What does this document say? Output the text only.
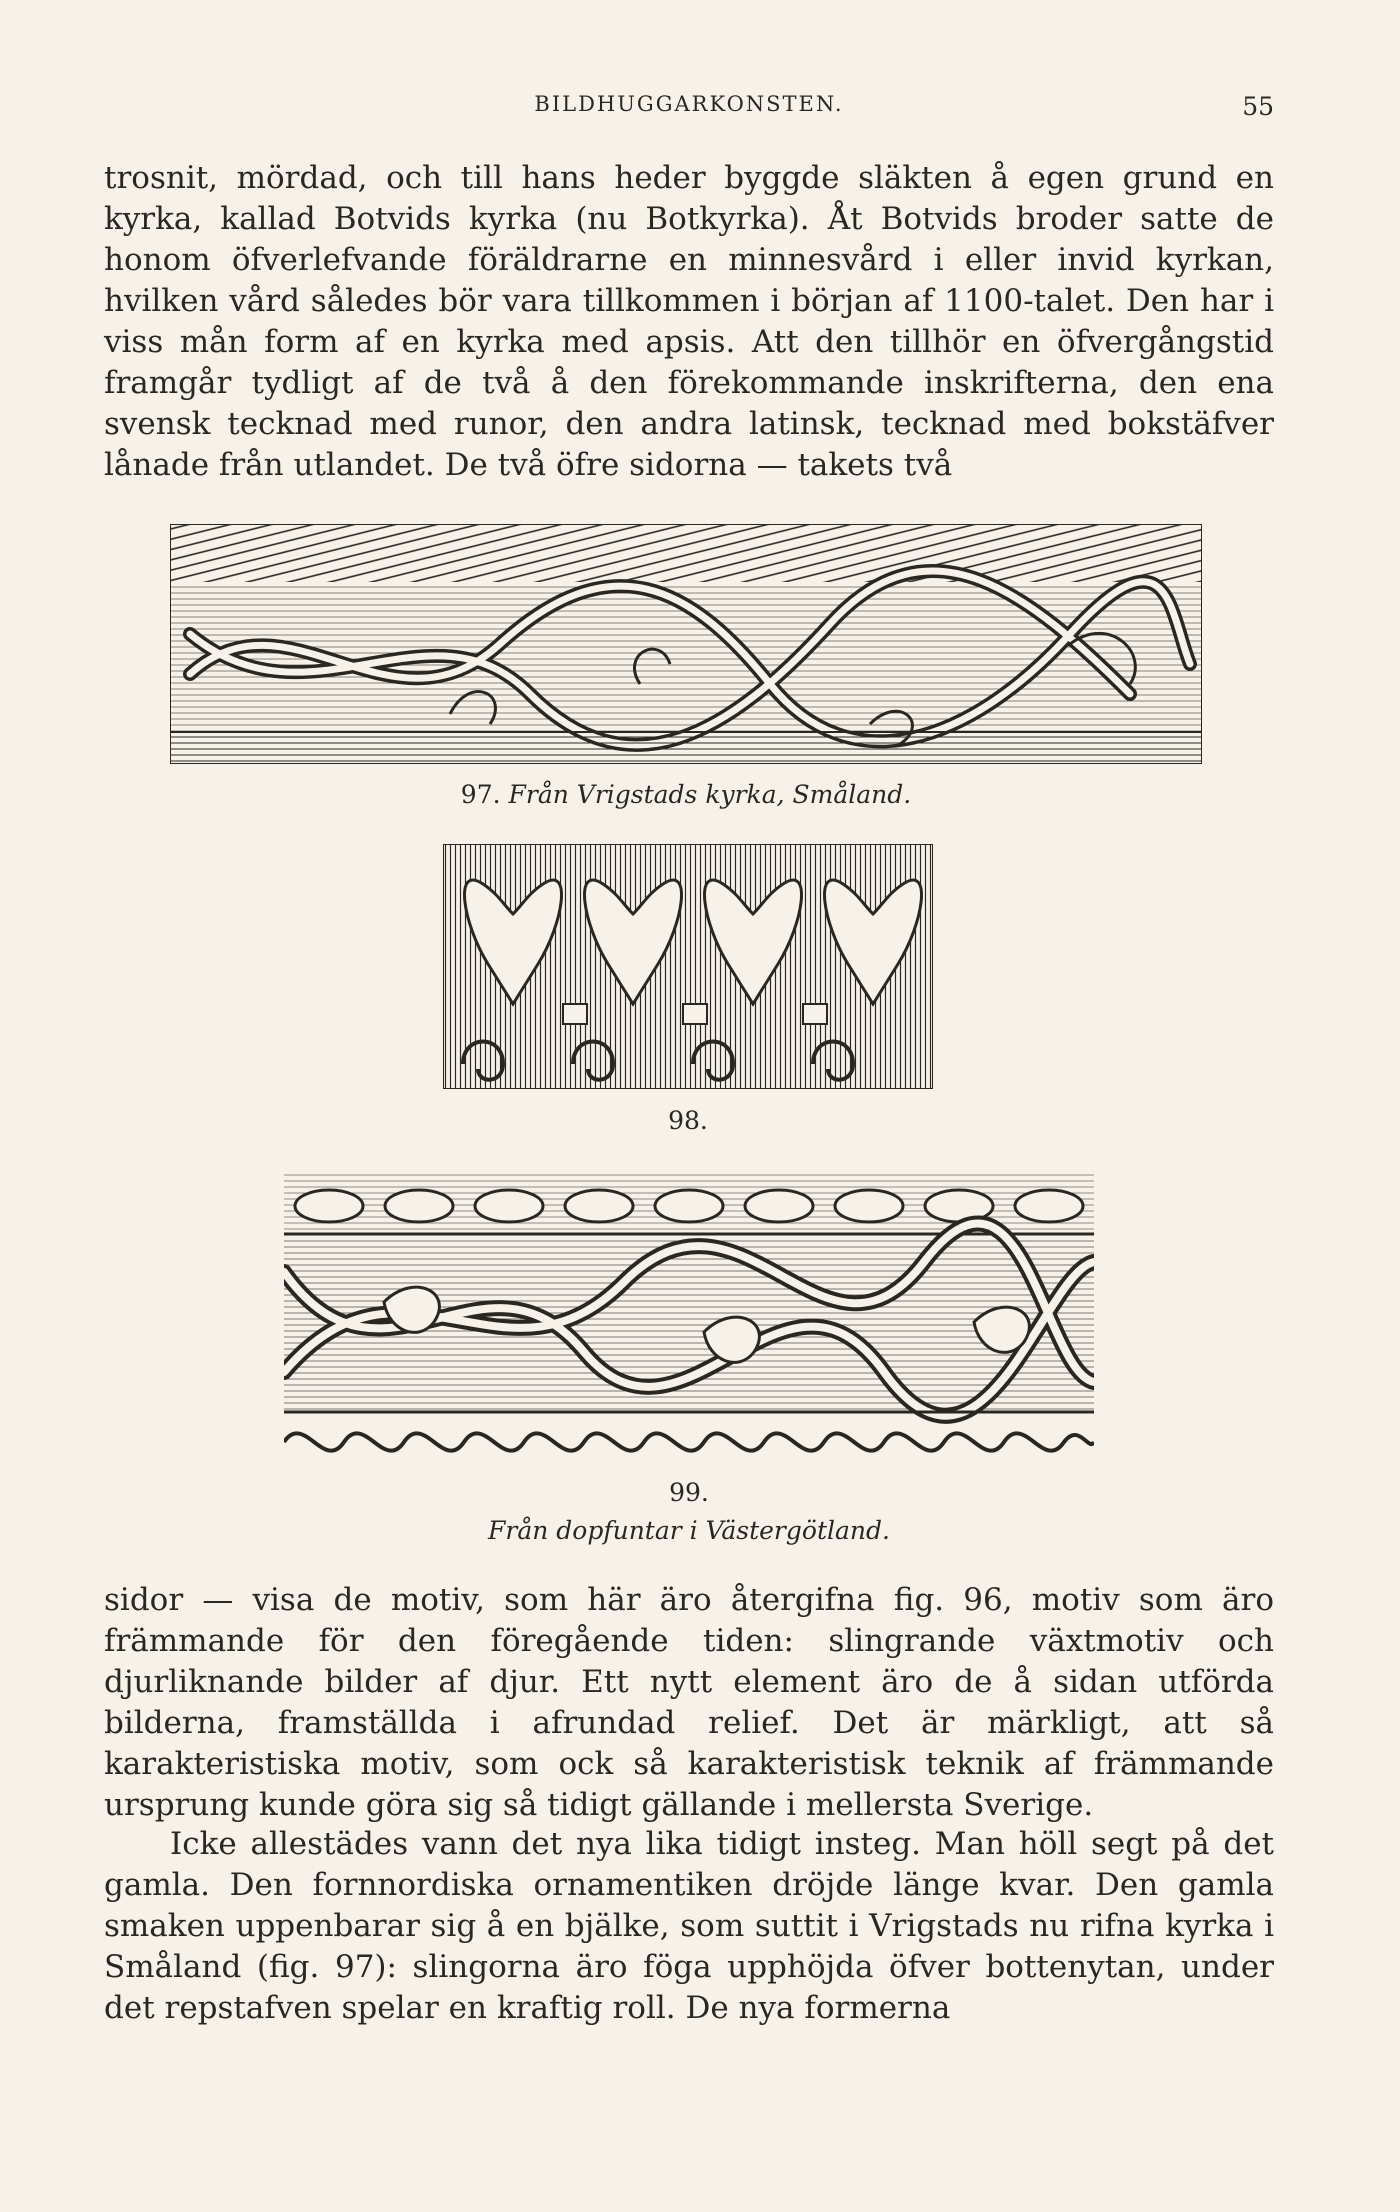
BILDHUGGARKONSTEN.	55

trosnit, mördad, och till hans heder byggde släkten å egen grund en kyrka, kallad Botvids kyrka (nu Botkyrka). Åt Botvids broder satte de honom öfverlefvande föräldrarne en minnesvård i eller invid kyrkan, hvilken vård således bör vara tillkommen i början af 1100-talet. Den har i viss mån form af en kyrka med apsis. Att den tillhör en öfvergångstid framgår tydligt af de två å den förekommande inskrifterna, den ena svensk tecknad med runor, den andra latinsk, tecknad med bokstäfver lånade från utlandet. De två öfre sidorna — takets två

97. Från Vrigstads kyrka, Småland.
98.
99.
Från dopfuntar i Västergötland.

sidor — visa de motiv, som här äro återgifna fig. 96, motiv som äro främmande för den föregående tiden: slingrande växtmotiv och djurliknande bilder af djur. Ett nytt element äro de å sidan utförda bilderna, framställda i afrundad relief. Det är märkligt, att så karakteristiska motiv, som ock så karakteristisk teknik af främmande ursprung kunde göra sig så tidigt gällande i mellersta Sverige.

Icke allestädes vann det nya lika tidigt insteg. Man höll segt på det gamla. Den fornnordiska ornamentiken dröjde länge kvar. Den gamla smaken uppenbarar sig å en bjälke, som suttit i Vrigstads nu rifna kyrka i Småland (fig. 97): slingorna äro föga upphöjda öfver bottenytan, under det repstafven spelar en kraftig roll. De nya formerna
